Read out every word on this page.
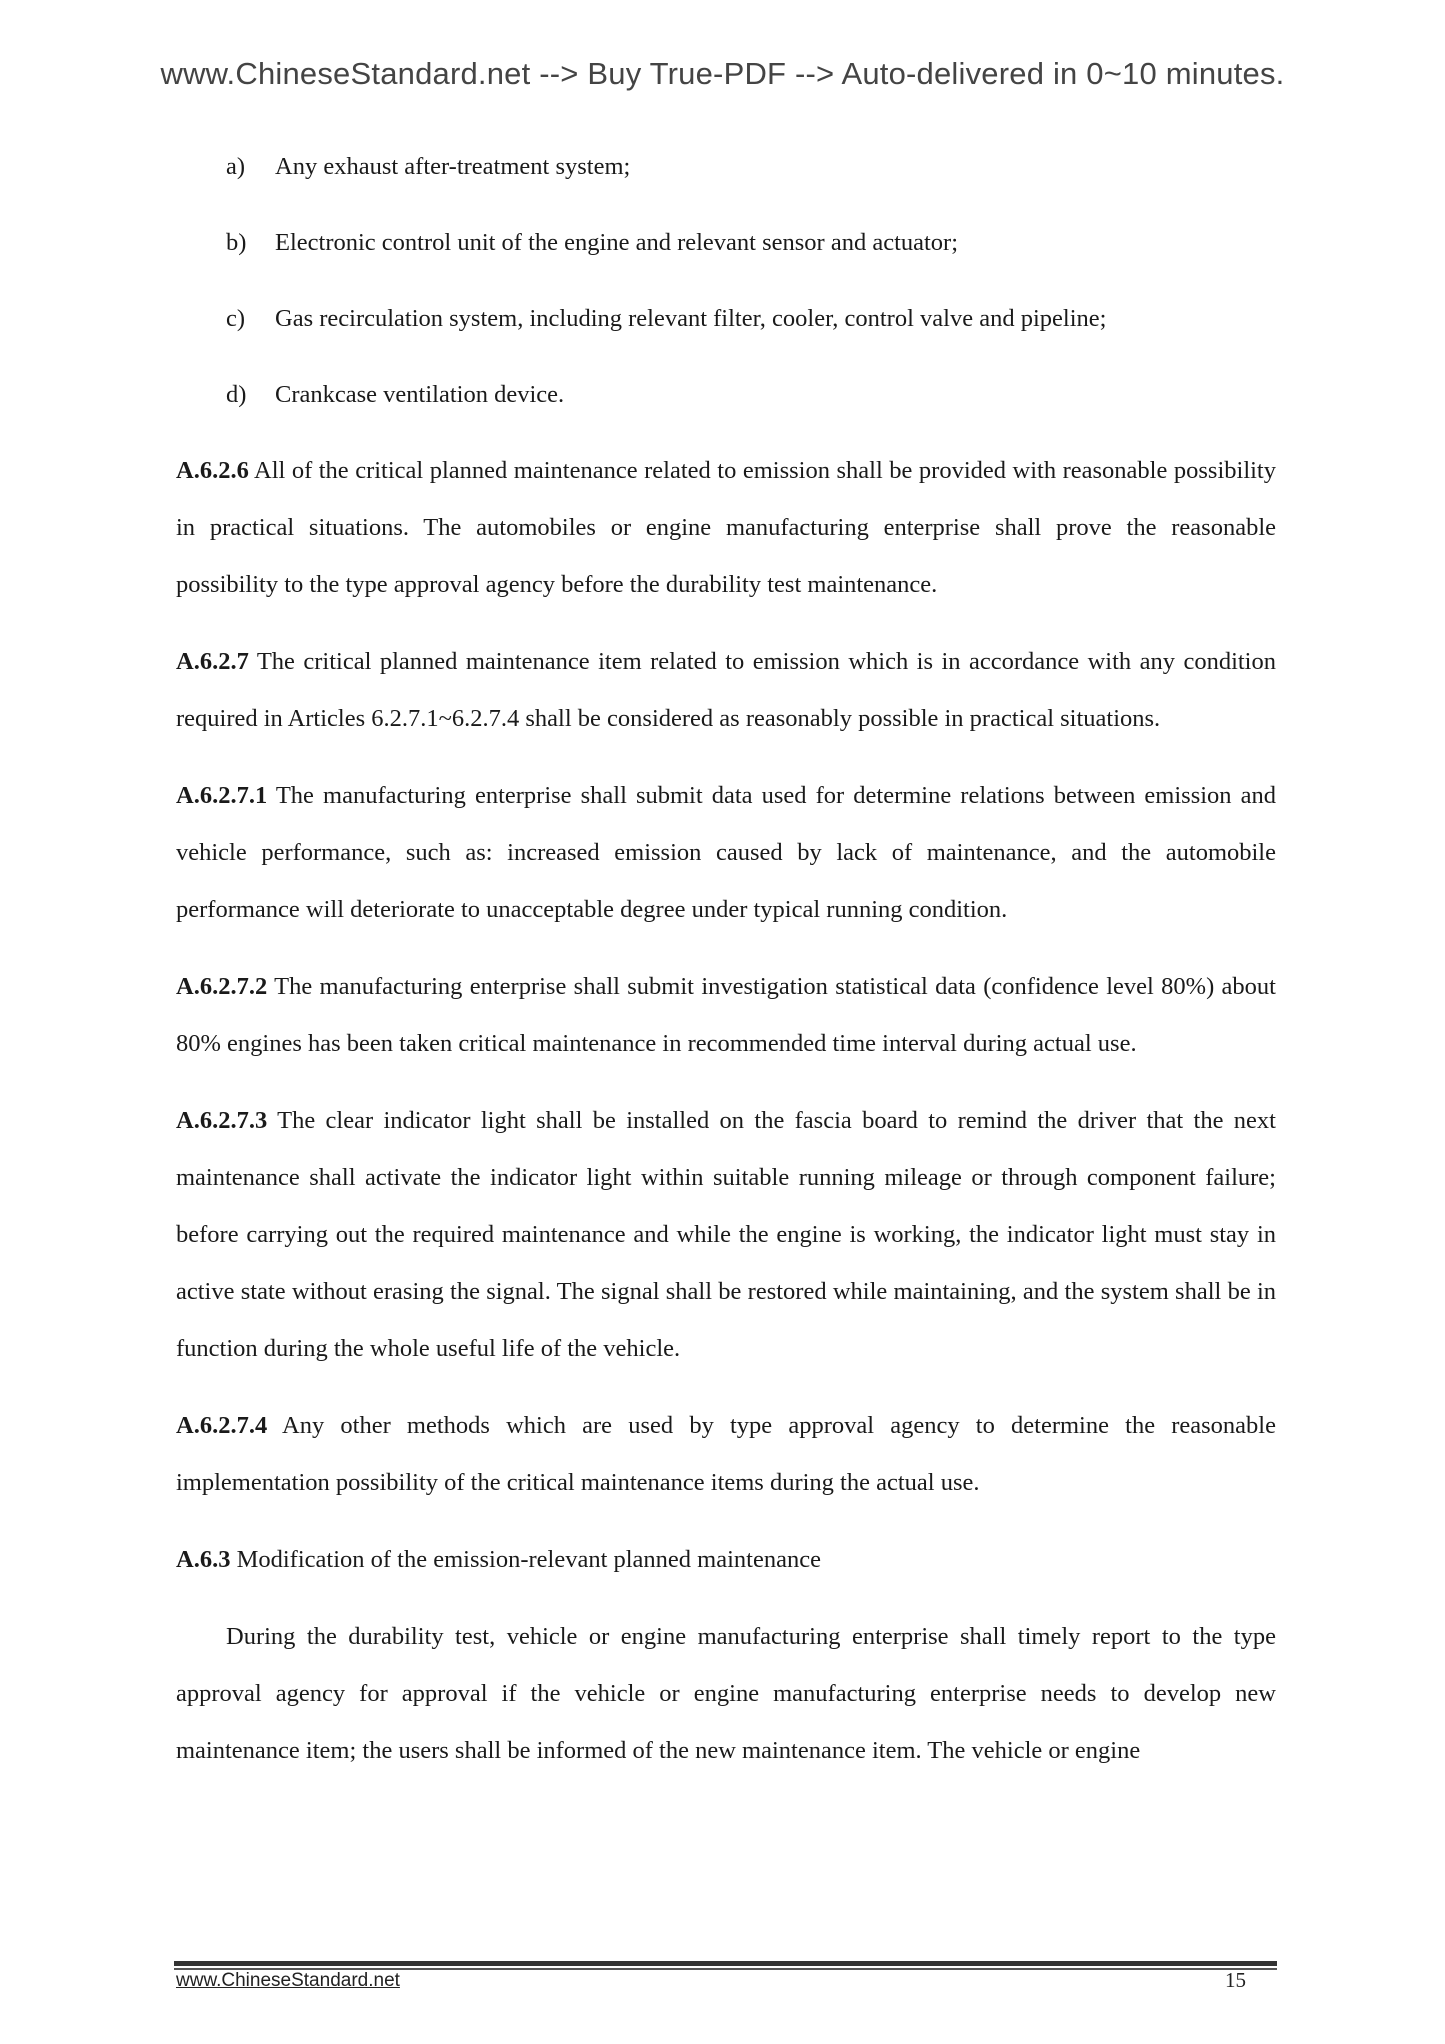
www.ChineseStandard.net --> Buy True-PDF --> Auto-delivered in 0~10 minutes.
a)	Any exhaust after-treatment system;
b)	Electronic control unit of the engine and relevant sensor and actuator;
c)	Gas recirculation system, including relevant filter, cooler, control valve and pipeline;
d)	Crankcase ventilation device.

A.6.2.6 All of the critical planned maintenance related to emission shall be provided with reasonable possibility in practical situations. The automobiles or engine manufacturing enterprise shall prove the reasonable possibility to the type approval agency before the durability test maintenance.

A.6.2.7 The critical planned maintenance item related to emission which is in accordance with any condition required in Articles 6.2.7.1~6.2.7.4 shall be considered as reasonably possible in practical situations.

A.6.2.7.1 The manufacturing enterprise shall submit data used for determine relations between emission and vehicle performance, such as: increased emission caused by lack of maintenance, and the automobile performance will deteriorate to unacceptable degree under typical running condition.

A.6.2.7.2 The manufacturing enterprise shall submit investigation statistical data (confidence level 80%) about 80% engines has been taken critical maintenance in recommended time interval during actual use.

A.6.2.7.3 The clear indicator light shall be installed on the fascia board to remind the driver that the next maintenance shall activate the indicator light within suitable running mileage or through component failure; before carrying out the required maintenance and while the engine is working, the indicator light must stay in active state without erasing the signal. The signal shall be restored while maintaining, and the system shall be in function during the whole useful life of the vehicle.

A.6.2.7.4 Any other methods which are used by type approval agency to determine the reasonable implementation possibility of the critical maintenance items during the actual use.

A.6.3 Modification of the emission-relevant planned maintenance

During the durability test, vehicle or engine manufacturing enterprise shall timely report to the type approval agency for approval if the vehicle or engine manufacturing enterprise needs to develop new maintenance item; the users shall be informed of the new maintenance item. The vehicle or engine

www.ChineseStandard.net	15
